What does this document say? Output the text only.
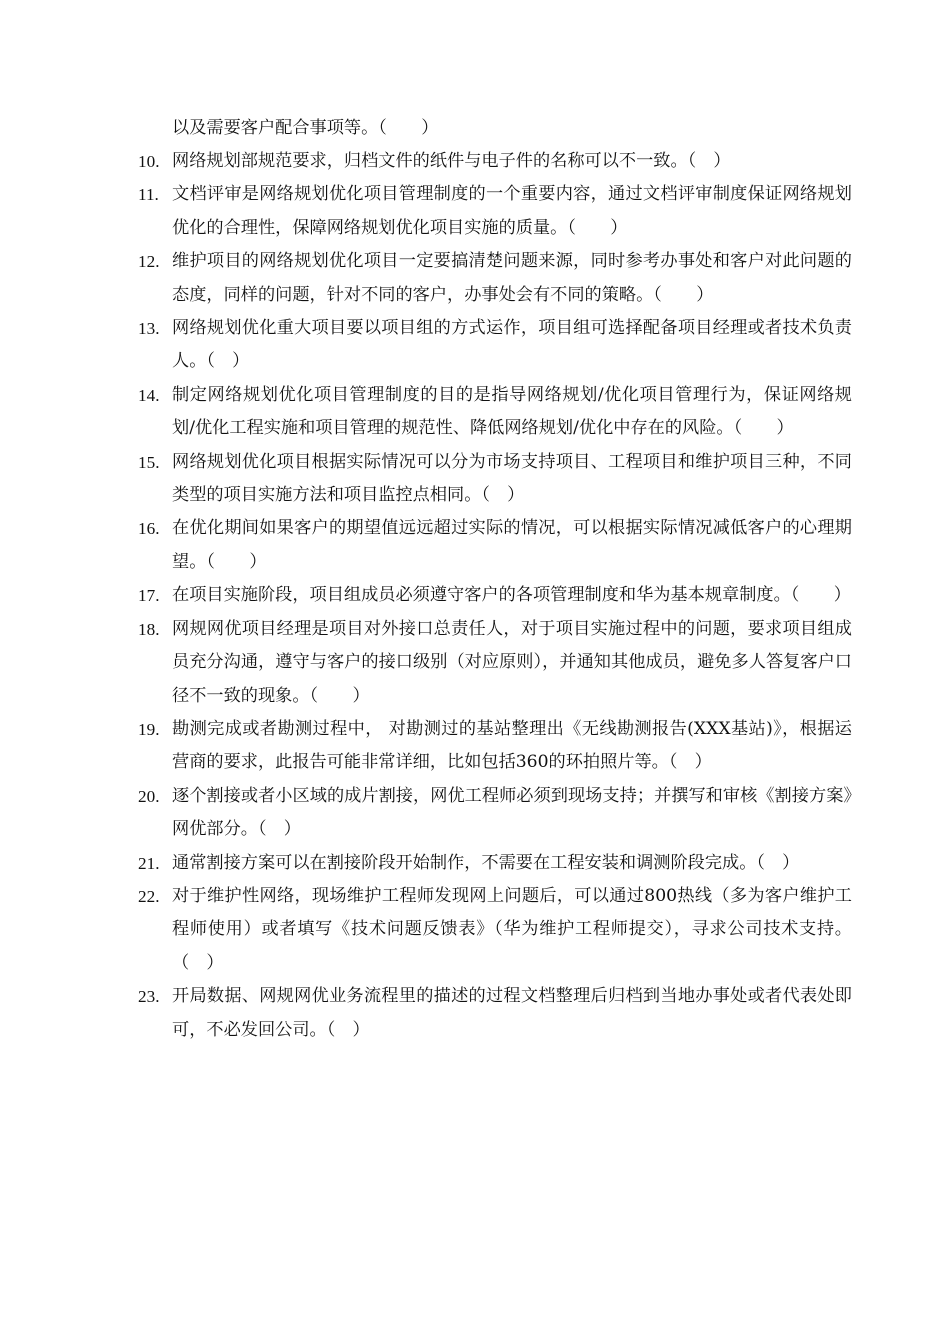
以及需要客户配合事项等。（　　）
10. 网络规划部规范要求，归档文件的纸件与电子件的名称可以不一致。（　）
11. 文档评审是网络规划优化项目管理制度的一个重要内容，通过文档评审制度保证网络规划优化的合理性，保障网络规划优化项目实施的质量。（　　）
12. 维护项目的网络规划优化项目一定要搞清楚问题来源，同时参考办事处和客户对此问题的态度，同样的问题，针对不同的客户，办事处会有不同的策略。（　　）
13. 网络规划优化重大项目要以项目组的方式运作，项目组可选择配备项目经理或者技术负责人。（　）
14. 制定网络规划优化项目管理制度的目的是指导网络规划/优化项目管理行为，保证网络规划/优化工程实施和项目管理的规范性、降低网络规划/优化中存在的风险。（　　）
15. 网络规划优化项目根据实际情况可以分为市场支持项目、工程项目和维护项目三种，不同类型的项目实施方法和项目监控点相同。（　）
16. 在优化期间如果客户的期望值远远超过实际的情况，可以根据实际情况减低客户的心理期望。（　　）
17. 在项目实施阶段，项目组成员必须遵守客户的各项管理制度和华为基本规章制度。（　　）
18. 网规网优项目经理是项目对外接口总责任人，对于项目实施过程中的问题，要求项目组成员充分沟通，遵守与客户的接口级别（对应原则），并通知其他成员，避免多人答复客户口径不一致的现象。（　　）
19. 勘测完成或者勘测过程中， 对勘测过的基站整理出《无线勘测报告(XXX基站)》，根据运营商的要求，此报告可能非常详细，比如包括360的环拍照片等。（　）
20. 逐个割接或者小区域的成片割接，网优工程师必须到现场支持；并撰写和审核《割接方案》网优部分。（　）
21. 通常割接方案可以在割接阶段开始制作，不需要在工程安装和调测阶段完成。（　）
22. 对于维护性网络，现场维护工程师发现网上问题后，可以通过800热线（多为客户维护工程师使用）或者填写《技术问题反馈表》（华为维护工程师提交），寻求公司技术支持。（　）
23. 开局数据、网规网优业务流程里的描述的过程文档整理后归档到当地办事处或者代表处即可，不必发回公司。（　）
